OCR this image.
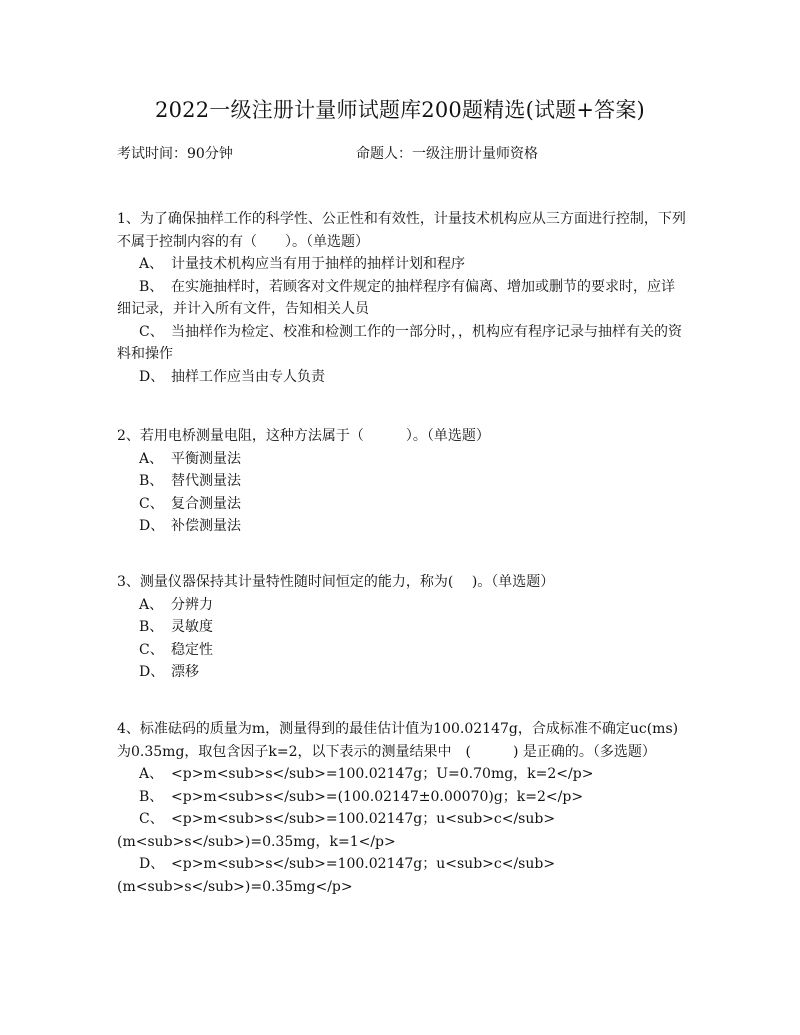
2022一级注册计量师试题库200题精选(试题+答案)
考试时间：90分钟	命题人：一级注册计量师资格

1、为了确保抽样工作的科学性、公正性和有效性，计量技术机构应从三方面进行控制，下列不属于控制内容的有（　　）。（单选题）

A、 计量技术机构应当有用于抽样的抽样计划和程序

B、 在实施抽样时，若顾客对文件规定的抽样程序有偏离、增加或删节的要求时，应详细记录，并计入所有文件，告知相关人员

C、 当抽样作为检定、校准和检测工作的一部分时，，机构应有程序记录与抽样有关的资料和操作

D、 抽样工作应当由专人负责

2、若用电桥测量电阻，这种方法属于（　　　）。（单选题）

A、 平衡测量法

B、 替代测量法

C、 复合测量法

D、 补偿测量法

3、测量仪器保持其计量特性随时间恒定的能力，称为(　 )。（单选题）

A、 分辨力

B、 灵敏度

C、 稳定性

D、 漂移

4、标准砝码的质量为m，测量得到的最佳估计值为100.02147g，合成标准不确定uc(ms) 为0.35mg，取包含因子k=2，以下表示的测量结果中　(　　　) 是正确的。（多选题）

A、 <p>m<sub>s</sub>=100.02147g；U=0.70mg，k=2</p>

B、 <p>m<sub>s</sub>=(100.02147±0.00070)g；k=2</p>

C、 <p>m<sub>s</sub>=100.02147g；u<sub>c</sub>(m<sub>s</sub>)=0.35mg，k=1</p>

D、 <p>m<sub>s</sub>=100.02147g；u<sub>c</sub>(m<sub>s</sub>)=0.35mg</p>
